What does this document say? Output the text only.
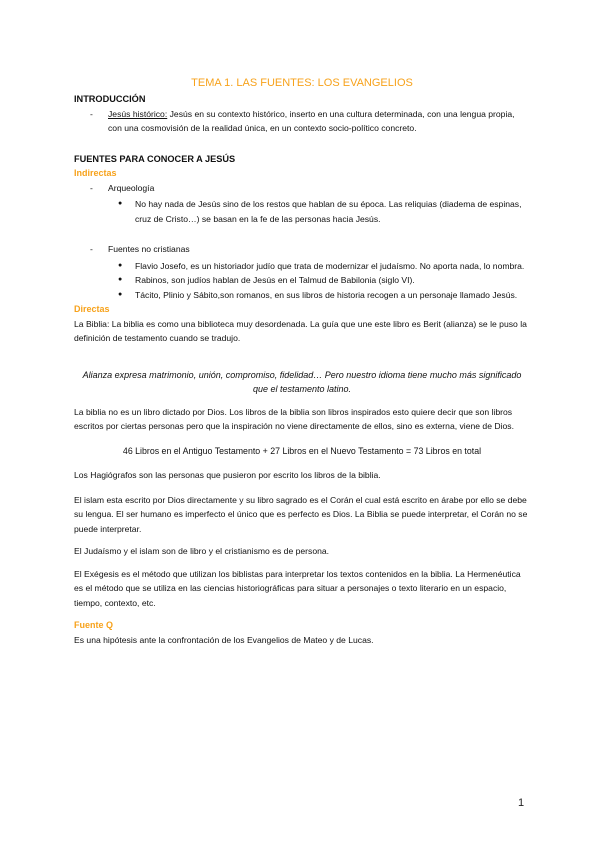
TEMA 1. LAS FUENTES: LOS EVANGELIOS
INTRODUCCIÓN
- Jesús histórico: Jesús en su contexto histórico, inserto en una cultura determinada, con una lengua propia, con una cosmovisión de la realidad única, en un contexto socio-político concreto.
FUENTES PARA CONOCER A JESÚS
Indirectas
- Arqueología
● No hay nada de Jesús sino de los restos que hablan de su época. Las reliquias (diadema de espinas, cruz de Cristo…) se basan en la fe de las personas hacia Jesús.
- Fuentes no cristianas
● Flavio Josefo, es un historiador judío que trata de modernizar el judaísmo. No aporta nada, lo nombra.
● Rabinos, son judíos hablan de Jesús en el Talmud de Babilonia (siglo VI).
● Tácito, Plinio y Sábito,son romanos, en sus libros de historia recogen a un personaje llamado Jesús.
Directas

La Biblia: La biblia es como una biblioteca muy desordenada. La guía que une este libro es Berit (alianza) se le puso la definición de testamento cuando se tradujo.

Alianza expresa matrimonio, unión, compromiso, fidelidad… Pero nuestro idioma tiene mucho más significado que el testamento latino.

La biblia no es un libro dictado por Dios. Los libros de la biblia son libros inspirados esto quiere decir que son libros escritos por ciertas personas pero que la inspiración no viene directamente de ellos, sino es externa, viene de Dios.

46 Libros en el Antiguo Testamento + 27 Libros en el Nuevo Testamento = 73 Libros en total

Los Hagiógrafos son las personas que pusieron por escrito los libros de la biblia.

El islam esta escrito por Dios directamente y su libro sagrado es el Corán el cual está escrito en árabe por ello se debe su lengua. El ser humano es imperfecto el único que es perfecto es Dios. La Biblia se puede interpretar, el Corán no se puede interpretar.

El Judaísmo y el islam son de libro y el cristianismo es de persona.

El Exégesis es el método que utilizan los biblistas para interpretar los textos contenidos en la biblia. La Hermenéutica es el método que se utiliza en las ciencias historiográficas para situar a personajes o texto literario en un espacio, tiempo, contexto, etc.

Fuente Q

Es una hipótesis ante la confrontación de los Evangelios de Mateo y de Lucas.

1
